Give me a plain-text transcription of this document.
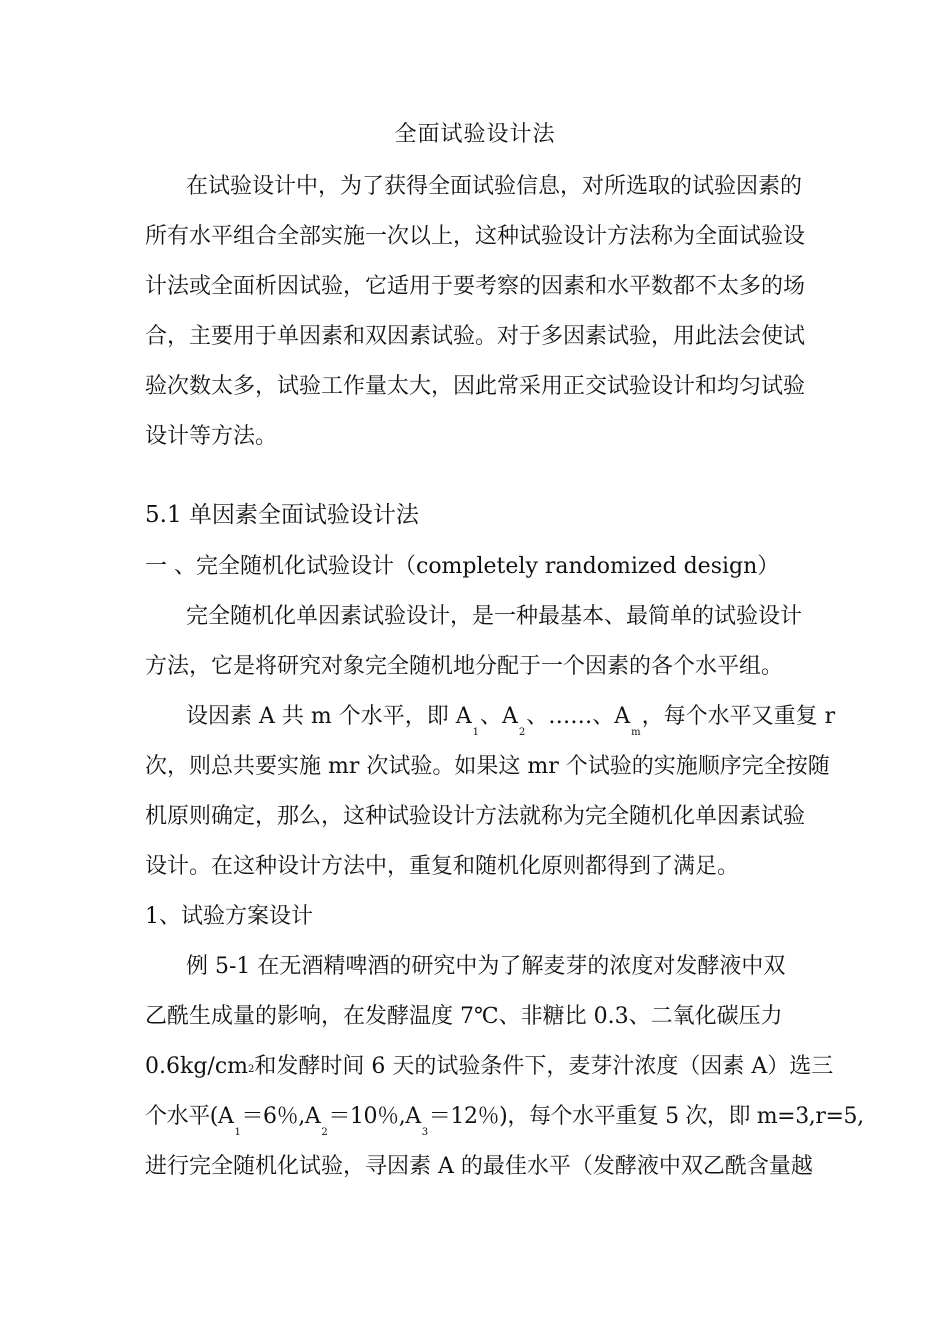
全面试验设计法
在试验设计中，为了获得全面试验信息，对所选取的试验因素的
所有水平组合全部实施一次以上，这种试验设计方法称为全面试验设
计法或全面析因试验，它适用于要考察的因素和水平数都不太多的场
合，主要用于单因素和双因素试验。对于多因素试验，用此法会使试
验次数太多，试验工作量太大，因此常采用正交试验设计和均匀试验
设计等方法。
5.1 单因素全面试验设计法
一 、完全随机化试验设计（completely randomized design）
完全随机化单因素试验设计，是一种最基本、最简单的试验设计
方法，它是将研究对象完全随机地分配于一个因素的各个水平组。
设因素 A 共 m 个水平，即 $A_1$、$A_2$、……、$A_m$，每个水平又重复 r
次，则总共要实施 mr 次试验。如果这 mr 个试验的实施顺序完全按随
机原则确定，那么，这种试验设计方法就称为完全随机化单因素试验
设计。在这种设计方法中，重复和随机化原则都得到了满足。
1、试验方案设计
例 5-1 在无酒精啤酒的研究中为了解麦芽的浓度对发酵液中双
乙酰生成量的影响，在发酵温度 7℃、非糖比 0.3、二氧化碳压力
0.6kg/cm2和发酵时间 6 天的试验条件下，麦芽汁浓度（因素 A）选三
个水平($A_1=6$％$,A_2=10$％$,A_3=12$％)，每个水平重复 5 次，即 m=3,r=5,
进行完全随机化试验，寻因素 A 的最佳水平（发酵液中双乙酰含量越
